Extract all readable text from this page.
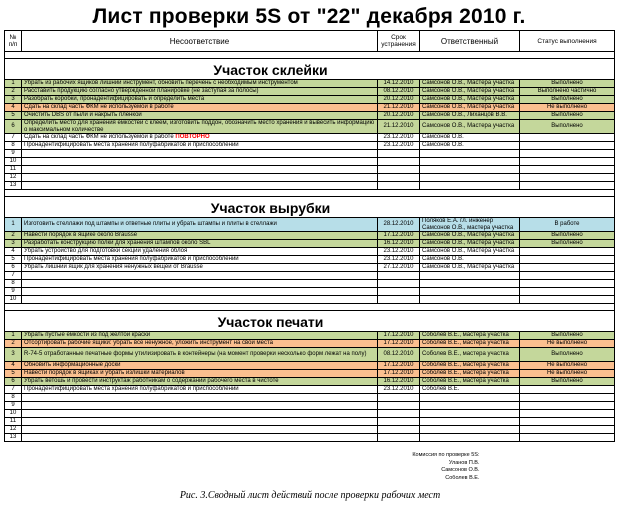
Лист проверки 5S от "22" декабря 2010 г.
№ п/п	Несоответствие	Срок устранения	Ответственный	Статус выполнения

	Участок склейки			
1	Убрать из рабочих ящиков лишний инструмент, обновить перечень с необходимым инструментом	14.12.2010	Самсонов О.В., Мастера участка	Выполнено
2	Расставить продукцию согласно утвержденной планировке (не заступая за полосы)	08.12.2010	Самсонов О.В., Мастера участка	Выполнено частично
3	Разобрать коробки, пронадентифицировать и определить места	20.12.2010	Самсонов О.В., Мастера участка	Выполнено
4	Сдать на склад часть ФКМ не используемой в работе	21.12.2010	Самсонов О.В., Мастера участка	Не выполнено
5	Очистить DBS от пыли и накрыть пленкой	20.12.2010	Самсонов О.В., Лиханцов В.В.	Выполнено
6	Определить место для хранения емкостей с клеем, изготовить поддон, обозначить место хранения и вывесить информацию о максимальном количестве	21.12.2010	Самсонов О.В., Мастера участка	Выполнено
7	Сдать на склад часть ФКМ не используемой в работе ПОВТОРНО	23.12.2010	Самсонов О.В.	
8	Пронадентифицировать места хранения полуфабрикатов и приспособлений	23.12.2010	Самсонов О.В.	
9				
10				
11				
12				
13				

	Участок вырубки			
1	Изготовить стеллажи под штампы и ответные плиты и убрать штампы и плиты в стеллажи	28.12.2010	Поляков Е.А. гл. инженер Самсонов О.В., мастера участка	В работе
2	Навести порядок в ящике около Brausse	17.12.2010	Самсонов О.В., Мастера участка	Выполнено
3	Разработать конструкцию полки для хранения штампов около SBL	16.12.2010	Самсонов О.В., Мастера участка	Выполнено
4	Убрать устройство для подготовки секции удаления облоя	23.12.2010	Самсонов О.В., Мастера участка	
5	Пронадентифицировать места хранения полуфабрикатов и приспособлений	23.12.2010	Самсонов О.В.	
6	Убрать лишний ящик для хранения ненужных вещей от Brausse	27.12.2010	Самсонов О.В., Мастера участка	
7				
8				
9				
10				

	Участок печати			
1	Убрать пустые емкости из под желтой краски	17.12.2010	Соболев В.Е., мастера участка	Выполнено
2	Отсортировать рабочие ящики: убрать все ненужное, уложить инструмент на свои места	17.12.2010	Соболев В.Е., мастера участка	Не выполнено
3	R-74-5 отработанные печатные формы утилизировать в контейнеры (на момент проверки несколько форм лежат на полу)	08.12.2010	Соболев В.Е., мастера участка	Выполнено
4	Обновить информационные доски	17.12.2010	Соболев В.Е., мастера участка	Не выполнено
5	Навести порядок в ящиках и убрать излишки материалов	17.12.2010	Соболев В.Е., мастера участка	Не выполнено
6	Убрать ветошь и провести инструктаж работникам о содержании рабочего места в чистоте	16.12.2010	Соболев В.Е., мастера участка	Выполнено
7	Пронадентифицировать места хранения полуфабрикатов и приспособлений	23.12.2010	Соболев В.Е.	
8				
9				
10				
11				
12				
13				

		Комиссия по проверке 5S:		
		Уланов П.В.		
		Самсонов О.В.		
		Соболев В.Е.		
Рис. 3.Сводный лист действий после проверки рабочих мест
